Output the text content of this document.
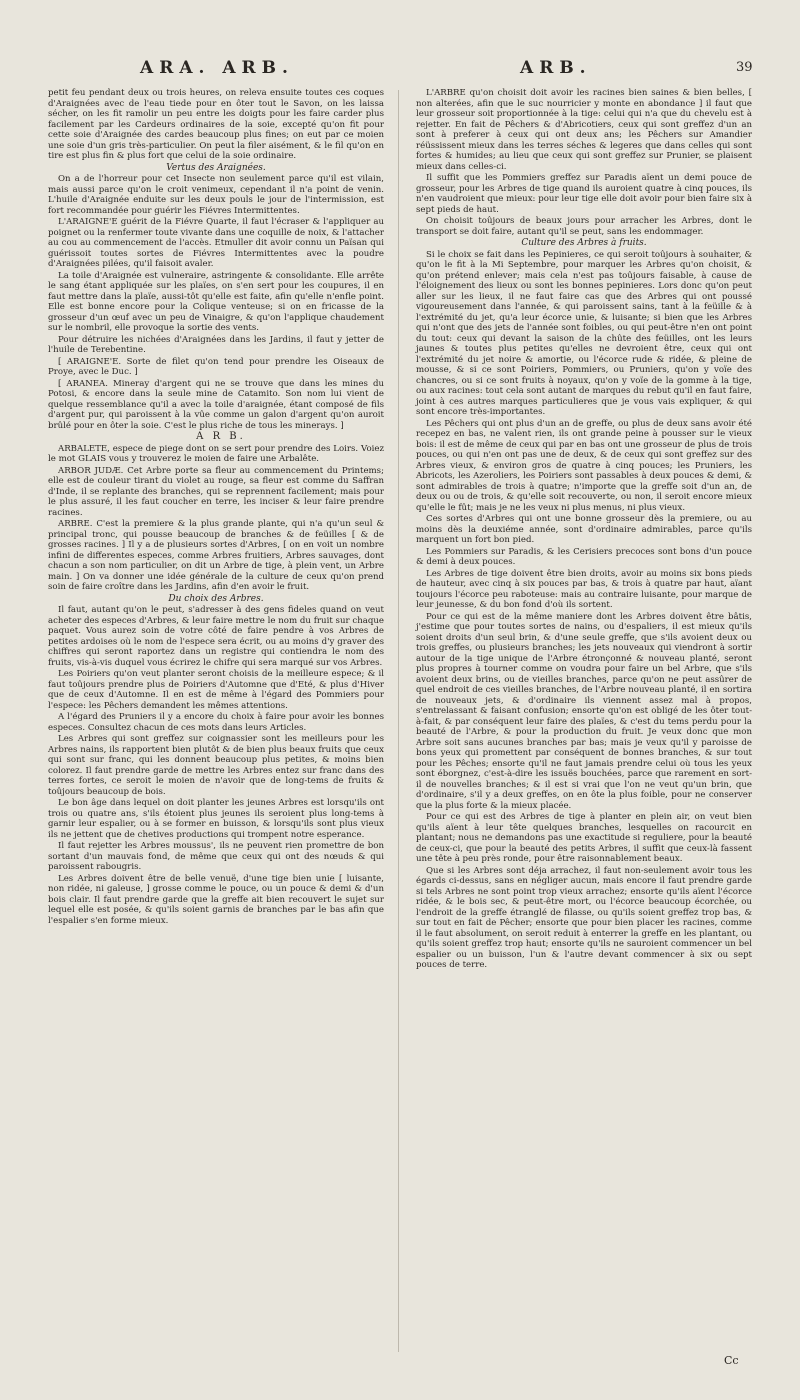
ARA. ARB.	ARB.	39

petit feu pendant deux ou trois heures, on releva ensuite toutes ces coques d'Araignées avec de l'eau tiede pour en ôter tout le Savon, on les laissa sécher, on les fit ramolir un peu entre les doigts pour les faire carder plus facilement par les Cardeurs ordinaires de la soie, excepté qu'on fit pour cette soie d'Araignée des cardes beaucoup plus fines; on eut par ce moien une soie d'un gris très-particulier. On peut la filer aisément, & le fil qu'on en tire est plus fin & plus fort que celui de la soie ordinaire.

Vertus des Araignées.

On a de l'horreur pour cet Insecte non seulement parce qu'il est vilain, mais aussi parce qu'on le croit venimeux, cependant il n'a point de venin. L'huile d'Araignée enduite sur les deux pouls le jour de l'intermission, est fort recommandée pour guérir les Fiévres Intermittentes.

L'ARAIGNE'E guérit de la Fiévre Quarte, il faut l'écraser & l'appliquer au poignet ou la renfermer toute vivante dans une coquille de noix, & l'attacher au cou au commencement de l'accès. Etmuller dit avoir connu un Païsan qui guérissoit toutes sortes de Fiévres Intermittentes avec la poudre d'Araignées pilées, qu'il faisoit avaler.

La toile d'Araignée est vulneraire, astringente & consolidante. Elle arrête le sang étant appliquée sur les plaïes, on s'en sert pour les coupures, il en faut mettre dans la plaïe, aussi-tôt qu'elle est faite, afin qu'elle n'enfle point. Elle est bonne encore pour la Colique venteuse; si on en fricasse de la grosseur d'un œuf avec un peu de Vinaigre, & qu'on l'applique chaudement sur le nombril, elle provoque la sortie des vents.

Pour détruire les nichées d'Araignées dans les Jardins, il faut y jetter de l'huile de Terebentine.

[ ARAIGNE'E. Sorte de filet qu'on tend pour prendre les Oiseaux de Proye, avec le Duc. ]

[ ARANEA. Mineray d'argent qui ne se trouve que dans les mines du Potosi, & encore dans la seule mine de Catamito. Son nom lui vient de quelque ressemblance qu'il a avec la toile d'araignée, étant composé de fils d'argent pur, qui paroissent à la vûe comme un galon d'argent qu'on auroit brûlé pour en ôter la soie. C'est le plus riche de tous les minerays. ]

A R B.

ARBALETE, espece de piege dont on se sert pour prendre des Loirs. Voiez le mot GLAIS vous y trouverez le moien de faire une Arbalête.

ARBOR JUDÆ. Cet Arbre porte sa fleur au commencement du Printems; elle est de couleur tirant du violet au rouge, sa fleur est comme du Saffran d'Inde, il se replante des branches, qui se reprennent facilement; mais pour le plus assuré, il les faut coucher en terre, les inciser & leur faire prendre racines.

ARBRE. C'est la premiere & la plus grande plante, qui n'a qu'un seul & principal tronc, qui pousse beaucoup de branches & de feüilles [ & de grosses racines. ] Il y a de plusieurs sortes d'Arbres, [ on en voit un nombre infini de differentes especes, comme Arbres fruitiers, Arbres sauvages, dont chacun a son nom particulier, on dit un Arbre de tige, à plein vent, un Arbre main. ] On va donner une idée générale de la culture de ceux qu'on prend soin de faire croître dans les Jardins, afin d'en avoir le fruit.

Du choix des Arbres.

Il faut, autant qu'on le peut, s'adresser à des gens fideles quand on veut acheter des especes d'Arbres, & leur faire mettre le nom du fruit sur chaque paquet. Vous aurez soin de votre côté de faire pendre à vos Arbres de petites ardoises où le nom de l'espece sera écrit, ou au moins d'y graver des chiffres qui seront raportez dans un registre qui contiendra le nom des fruits, vis-à-vis duquel vous écrirez le chifre qui sera marqué sur vos Arbres.

Les Poiriers qu'on veut planter seront choisis de la meilleure espece; & il faut toûjours prendre plus de Poiriers d'Automne que d'Eté, & plus d'Hiver que de ceux d'Automne. Il en est de même à l'égard des Pommiers pour l'espece: les Pêchers demandent les mêmes attentions.

A l'égard des Pruniers il y a encore du choix à faire pour avoir les bonnes especes. Consultez chacun de ces mots dans leurs Articles.

Les Arbres qui sont greffez sur coignassier sont les meilleurs pour les Arbres nains, ils rapportent bien plutôt & de bien plus beaux fruits que ceux qui sont sur franc, qui les donnent beaucoup plus petites, & moins bien colorez. Il faut prendre garde de mettre les Arbres entez sur franc dans des terres fortes, ce seroit le moien de n'avoir que de long-tems de fruits & toûjours beaucoup de bois.

Le bon âge dans lequel on doit planter les jeunes Arbres est lorsqu'ils ont trois ou quatre ans, s'ils étoient plus jeunes ils seroient plus long-tems à garnir leur espalier, ou à se former en buisson, & lorsqu'ils sont plus vieux ils ne jettent que de chetives productions qui trompent notre esperance.

Il faut rejetter les Arbres moussus', ils ne peuvent rien promettre de bon sortant d'un mauvais fond, de même que ceux qui ont des nœuds & qui paroissent rabougris.

Les Arbres doivent être de belle venuë, d'une tige bien unie [ luisante, non ridée, ni galeuse, ] grosse comme le pouce, ou un pouce & demi & d'un bois clair. Il faut prendre garde que la greffe ait bien recouvert le sujet sur lequel elle est posée, & qu'ils soient garnis de branches par le bas afin que l'espalier s'en forme mieux.

L'ARBRE qu'on choisit doit avoir les racines bien saines & bien belles, [ non alterées, afin que le suc nourricier y monte en abondance ] il faut que leur grosseur soit proportionnée à la tige: celui qui n'a que du chevelu est à rejetter. En fait de Pêchers & d'Abricotiers, ceux qui sont greffez d'un an sont à preferer à ceux qui ont deux ans; les Pêchers sur Amandier réüssissent mieux dans les terres séches & legeres que dans celles qui sont fortes & humides; au lieu que ceux qui sont greffez sur Prunier, se plaisent mieux dans celles-ci.

Il suffit que les Pommiers greffez sur Paradis aïent un demi pouce de grosseur, pour les Arbres de tige quand ils auroient quatre à cinq pouces, ils n'en vaudroient que mieux: pour leur tige elle doit avoir pour bien faire six à sept pieds de haut.

On choisit toûjours de beaux jours pour arracher les Arbres, dont le transport se doit faire, autant qu'il se peut, sans les endommager.

Culture des Arbres à fruits.

Si le choix se fait dans les Pepinieres, ce qui seroit toûjours à souhaiter, & qu'on le fit à la Mi Septembre, pour marquer les Arbres qu'on choisit, & qu'on prétend enlever; mais cela n'est pas toûjours faisable, à cause de l'éloignement des lieux ou sont les bonnes pepinieres. Lors donc qu'on peut aller sur les lieux, il ne faut faire cas que des Arbres qui ont poussé vigoureusement dans l'année, & qui paroissent sains, tant à la feüille & à l'extrémité du jet, qu'a leur écorce unie, & luisante; si bien que les Arbres qui n'ont que des jets de l'année sont foibles, ou qui peut-être n'en ont point du tout: ceux qui devant la saison de la chûte des feüilles, ont les leurs jaunes & toutes plus petites qu'elles ne devroient être, ceux qui ont l'extrémité du jet noire & amortie, ou l'écorce rude & ridée, & pleine de mousse, & si ce sont Poiriers, Pommiers, ou Pruniers, qu'on y voïe des chancres, ou si ce sont fruits à noyaux, qu'on y voïe de la gomme à la tige, ou aux racines: tout cela sont autant de marques du rebut qu'il en faut faire, joint à ces autres marques particulieres que je vous vais expliquer, & qui sont encore très-importantes.

Les Pêchers qui ont plus d'un an de greffe, ou plus de deux sans avoir été recepez en bas, ne valent rien, ils ont grande peine à pousser sur le vieux bois: il est de même de ceux qui par en bas ont une grosseur de plus de trois pouces, ou qui n'en ont pas une de deux, & de ceux qui sont greffez sur des Arbres vieux, & environ gros de quatre à cinq pouces; les Pruniers, les Abricots, les Azeroliers, les Poiriers sont passables à deux pouces & demi, & sont admirables de trois à quatre; n'importe que la greffe soit d'un an, de deux ou ou de trois, & qu'elle soit recouverte, ou non, il seroit encore mieux qu'elle le fût; mais je ne les veux ni plus menus, ni plus vieux.

Ces sortes d'Arbres qui ont une bonne grosseur dès la premiere, ou au moins dès la deuxiéme année, sont d'ordinaire admirables, parce qu'ils marquent un fort bon pied.

Les Pommiers sur Paradis, & les Cerisiers precoces sont bons d'un pouce & demi à deux pouces.

Les Arbres de tige doivent être bien droits, avoir au moins six bons pieds de hauteur, avec cinq à six pouces par bas, & trois à quatre par haut, aïant toujours l'écorce peu raboteuse: mais au contraire luisante, pour marque de leur jeunesse, & du bon fond d'où ils sortent.

Pour ce qui est de la même maniere dont les Arbres doivent être bâtis, j'estime que pour toutes sortes de nains, ou d'espaliers, il est mieux qu'ils soient droits d'un seul brin, & d'une seule greffe, que s'ils avoient deux ou trois greffes, ou plusieurs branches; les jets nouveaux qui viendront à sortir autour de la tige unique de l'Arbre étronçonné & nouveau planté, seront plus propres à tourner comme on voudra pour faire un bel Arbre, que s'ils avoient deux brins, ou de vieilles branches, parce qu'on ne peut assûrer de quel endroit de ces vieilles branches, de l'Arbre nouveau planté, il en sortira de nouveaux jets, & d'ordinaire ils viennent assez mal à propos, s'entrelassant & faisant confusion; ensorte qu'on est obligé de les ôter tout-à-fait, & par conséquent leur faire des plaïes, & c'est du tems perdu pour la beauté de l'Arbre, & pour la production du fruit. Je veux donc que mon Arbre soit sans aucunes branches par bas; mais je veux qu'il y paroisse de bons yeux qui promettent par conséquent de bonnes branches, & sur tout pour les Pêches; ensorte qu'il ne faut jamais prendre celui où tous les yeux sont éborgnez, c'est-à-dire les issuës bouchées, parce que rarement en sort-il de nouvelles branches; & il est si vrai que l'on ne veut qu'un brin, que d'ordinaire, s'il y a deux greffes, on en ôte la plus foible, pour ne conserver que la plus forte & la mieux placée.

Pour ce qui est des Arbres de tige à planter en plein air, on veut bien qu'ils aïent à leur tête quelques branches, lesquelles on racourcit en plantant; nous ne demandons pas une exactitude si reguliere, pour la beauté de ceux-ci, que pour la beauté des petits Arbres, il suffit que ceux-là fassent une tête à peu près ronde, pour être raisonnablement beaux.

Que si les Arbres sont déja arrachez, il faut non-seulement avoir tous les égards ci-dessus, sans en négliger aucun, mais encore il faut prendre garde si tels Arbres ne sont point trop vieux arrachez; ensorte qu'ils aïent l'écorce ridée, & le bois sec, & peut-être mort, ou l'écorce beaucoup écorchée, ou l'endroit de la greffe étranglé de filasse, ou qu'ils soient greffez trop bas, & sur tout en fait de Pêcher; ensorte que pour bien placer les racines, comme il le faut absolument, on seroit reduit à enterrer la greffe en les plantant, ou qu'ils soient greffez trop haut; ensorte qu'ils ne sauroient commencer un bel espalier ou un buisson, l'un & l'autre devant commencer à six ou sept pouces de terre.

Cc
